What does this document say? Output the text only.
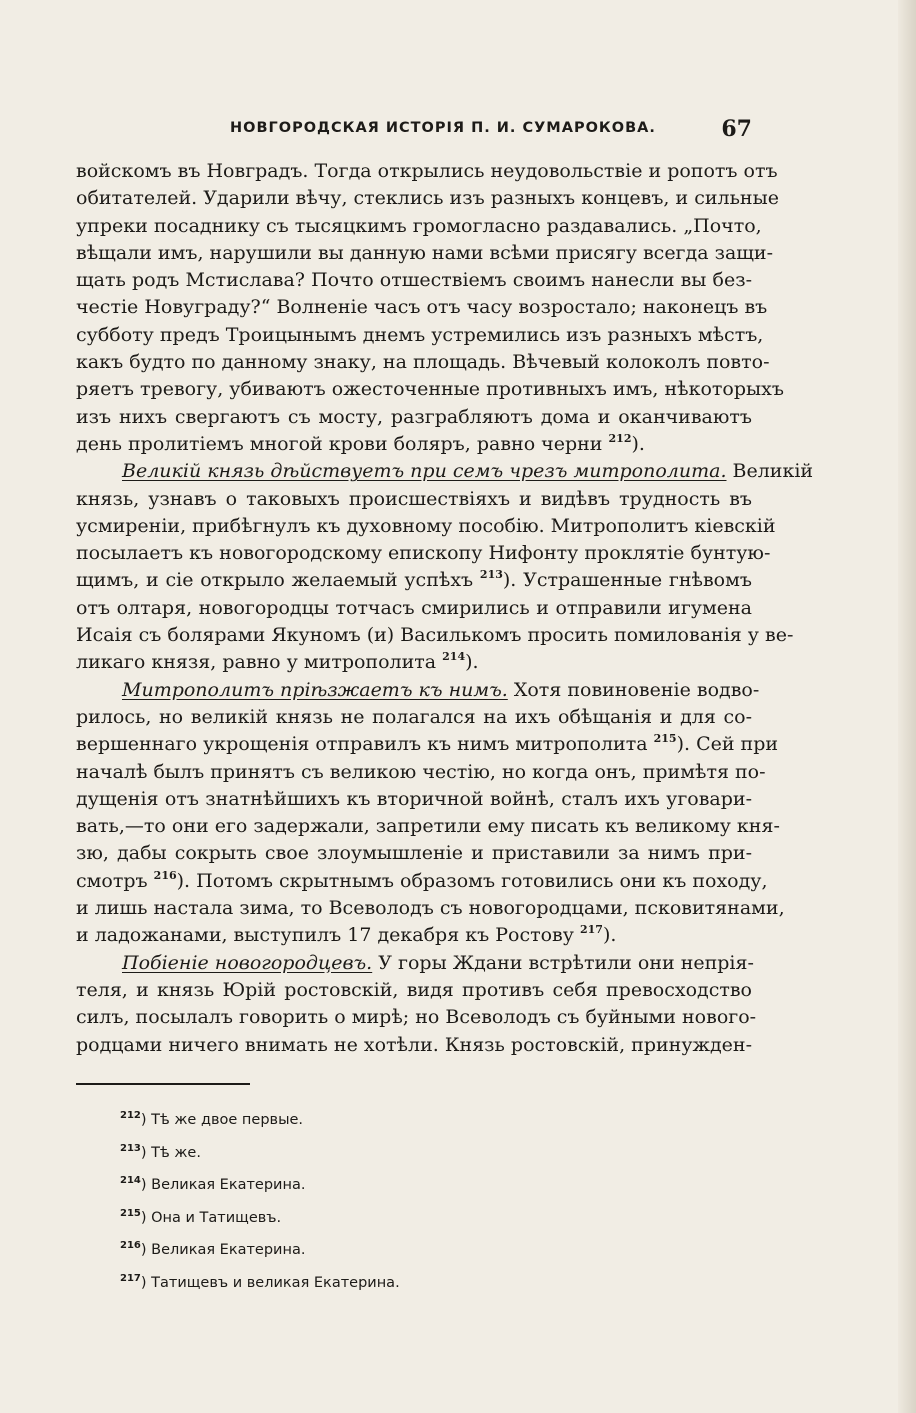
НОВГОРОДСКАЯ ИСТОРІЯ П. И. СУМАРОКОВА.	67

войскомъ въ Новградъ. Тогда открылись неудовольствіе и ропотъ отъ
обитателей. Ударили вѣчу, стеклись изъ разныхъ концевъ, и сильные
упреки посаднику съ тысяцкимъ громогласно раздавались. „Почто,
вѣщали имъ, нарушили вы данную нами всѣми присягу всегда защи-
щать родъ Мстислава? Почто отшествіемъ своимъ нанесли вы без-
честіе Новуграду?“ Волненіе часъ отъ часу возростало; наконецъ въ
субботу предъ Троицынымъ днемъ устремились изъ разныхъ мѣстъ,
какъ будто по данному знаку, на площадь. Вѣчевый колоколъ повто-
ряетъ тревогу, убиваютъ ожесточенные противныхъ имъ, нѣкоторыхъ
изъ нихъ свергаютъ съ мосту, разграбляютъ дома и оканчиваютъ
день пролитіемъ многой крови боляръ, равно черни $^{212}$).

Великій князь дѣйствуетъ при семъ чрезъ митрополита. Великій
князь, узнавъ о таковыхъ происшествіяхъ и видѣвъ трудность въ
усмиреніи, прибѣгнулъ къ духовному пособію. Митрополитъ кіевскій
посылаетъ къ новогородскому епископу Нифонту проклятіе бунтую-
щимъ, и сіе открыло желаемый успѣхъ $^{213}$). Устрашенные гнѣвомъ
отъ олтаря, новогородцы тотчасъ смирились и отправили игумена
Исаія съ болярами Якуномъ (и) Василькомъ просить помилованія у ве-
ликаго князя, равно у митрополита $^{214}$).

Митрополитъ пріѣзжаетъ къ нимъ. Хотя повиновеніе водво-
рилось, но великій князь не полагался на ихъ обѣщанія и для со-
вершеннаго укрощенія отправилъ къ нимъ митрополита $^{215}$). Сей при
началѣ былъ принятъ съ великою честію, но когда онъ, примѣтя по-
дущенія отъ знатнѣйшихъ къ вторичной войнѣ, сталъ ихъ уговари-
вать,—то они его задержали, запретили ему писать къ великому кня-
зю, дабы сокрыть свое злоумышленіе и приставили за нимъ при-
смотръ $^{216}$). Потомъ скрытнымъ образомъ готовились они къ походу,
и лишь настала зима, то Всеволодъ съ новогородцами, псковитянами,
и ладожанами, выступилъ 17 декабря къ Ростову $^{217}$).

Побіеніе новогородцевъ. У горы Ждани встрѣтили они непрія-
теля, и князь Юрій ростовскій, видя противъ себя превосходство
силъ, посылалъ говорить о мирѣ; но Всеволодъ съ буйными нового-
родцами ничего внимать не хотѣли. Князь ростовскій, принужден-

$^{212}$) Тѣ же двое первые.
$^{213}$) Тѣ же.
$^{214}$) Великая Екатерина.
$^{215}$) Она и Татищевъ.
$^{216}$) Великая Екатерина.
$^{217}$) Татищевъ и великая Екатерина.
